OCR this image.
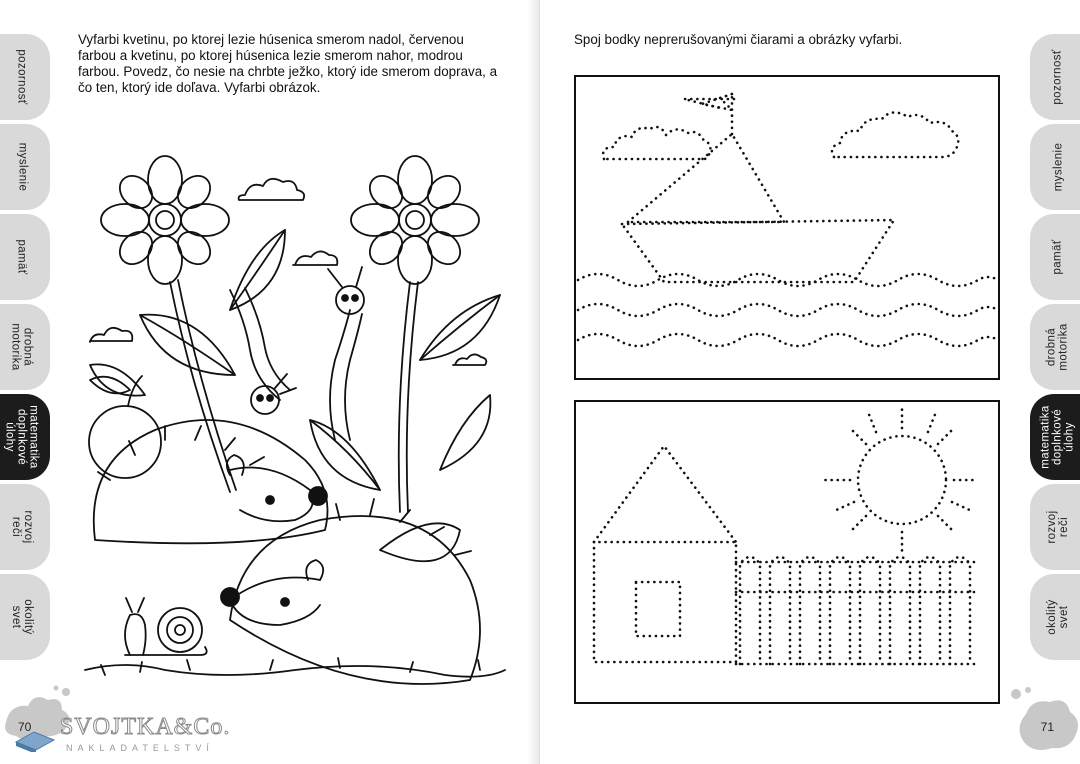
Vyfarbi kvetinu, po ktorej lezie húsenica smerom nadol, červenou farbou a kvetinu, po ktorej húsenica lezie smerom nahor, modrou farbou. Povedz, čo nesie na chrbte ježko, ktorý ide smerom doprava, a čo ten, ktorý ide doľava. Vyfarbi obrázok.

pozornosť
myslenie
pamäť
drobná
motorika
matematika
doplnkové
úlohy
rozvoj reči
okolitý svet
70 SVOJTKA&Co.
NAKLADATELSTVÍ

Spoj bodky neprerušovanými čiarami a obrázky vyfarbi.

pozornosť
myslenie
pamäť
drobná
motorika
matematika
doplnkové
úlohy
rozvoj reči
okolitý svet
71
